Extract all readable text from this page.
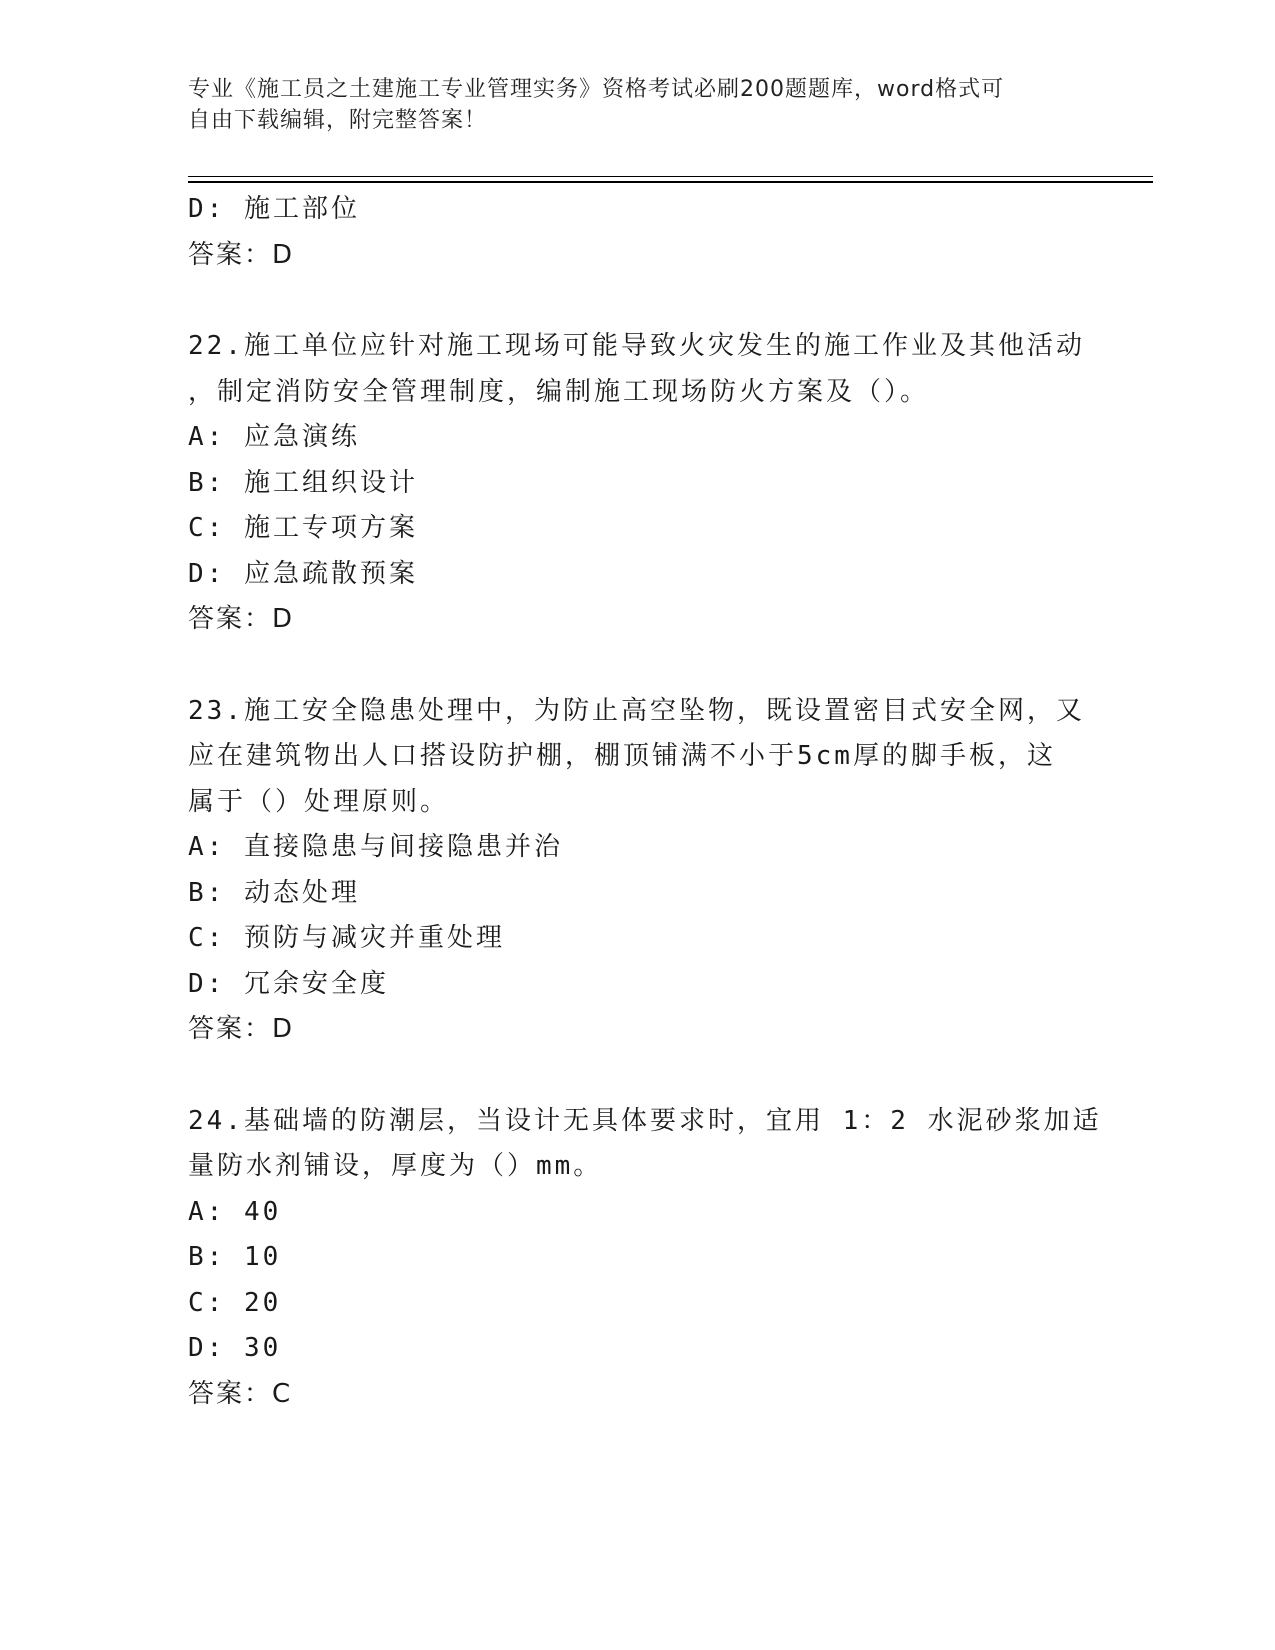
专业《施工员之土建施工专业管理实务》资格考试必刷200题题库，word格式可
自由下载编辑，附完整答案！
D: 施工部位
答案：D
22.施工单位应针对施工现场可能导致火灾发生的施工作业及其他活动
，制定消防安全管理制度，编制施工现场防火方案及（）。
A: 应急演练
B: 施工组织设计
C: 施工专项方案
D: 应急疏散预案
答案：D
23.施工安全隐患处理中，为防止高空坠物，既设置密目式安全网，又
应在建筑物出人口搭设防护棚，棚顶铺满不小于5cm厚的脚手板，这
属于（）处理原则。
A: 直接隐患与间接隐患并治
B: 动态处理
C: 预防与减灾并重处理
D: 冗余安全度
答案：D
24.基础墙的防潮层，当设计无具体要求时，宜用 1：2 水泥砂浆加适
量防水剂铺设，厚度为（）mm。
A: 40
B: 10
C: 20
D: 30
答案：C
